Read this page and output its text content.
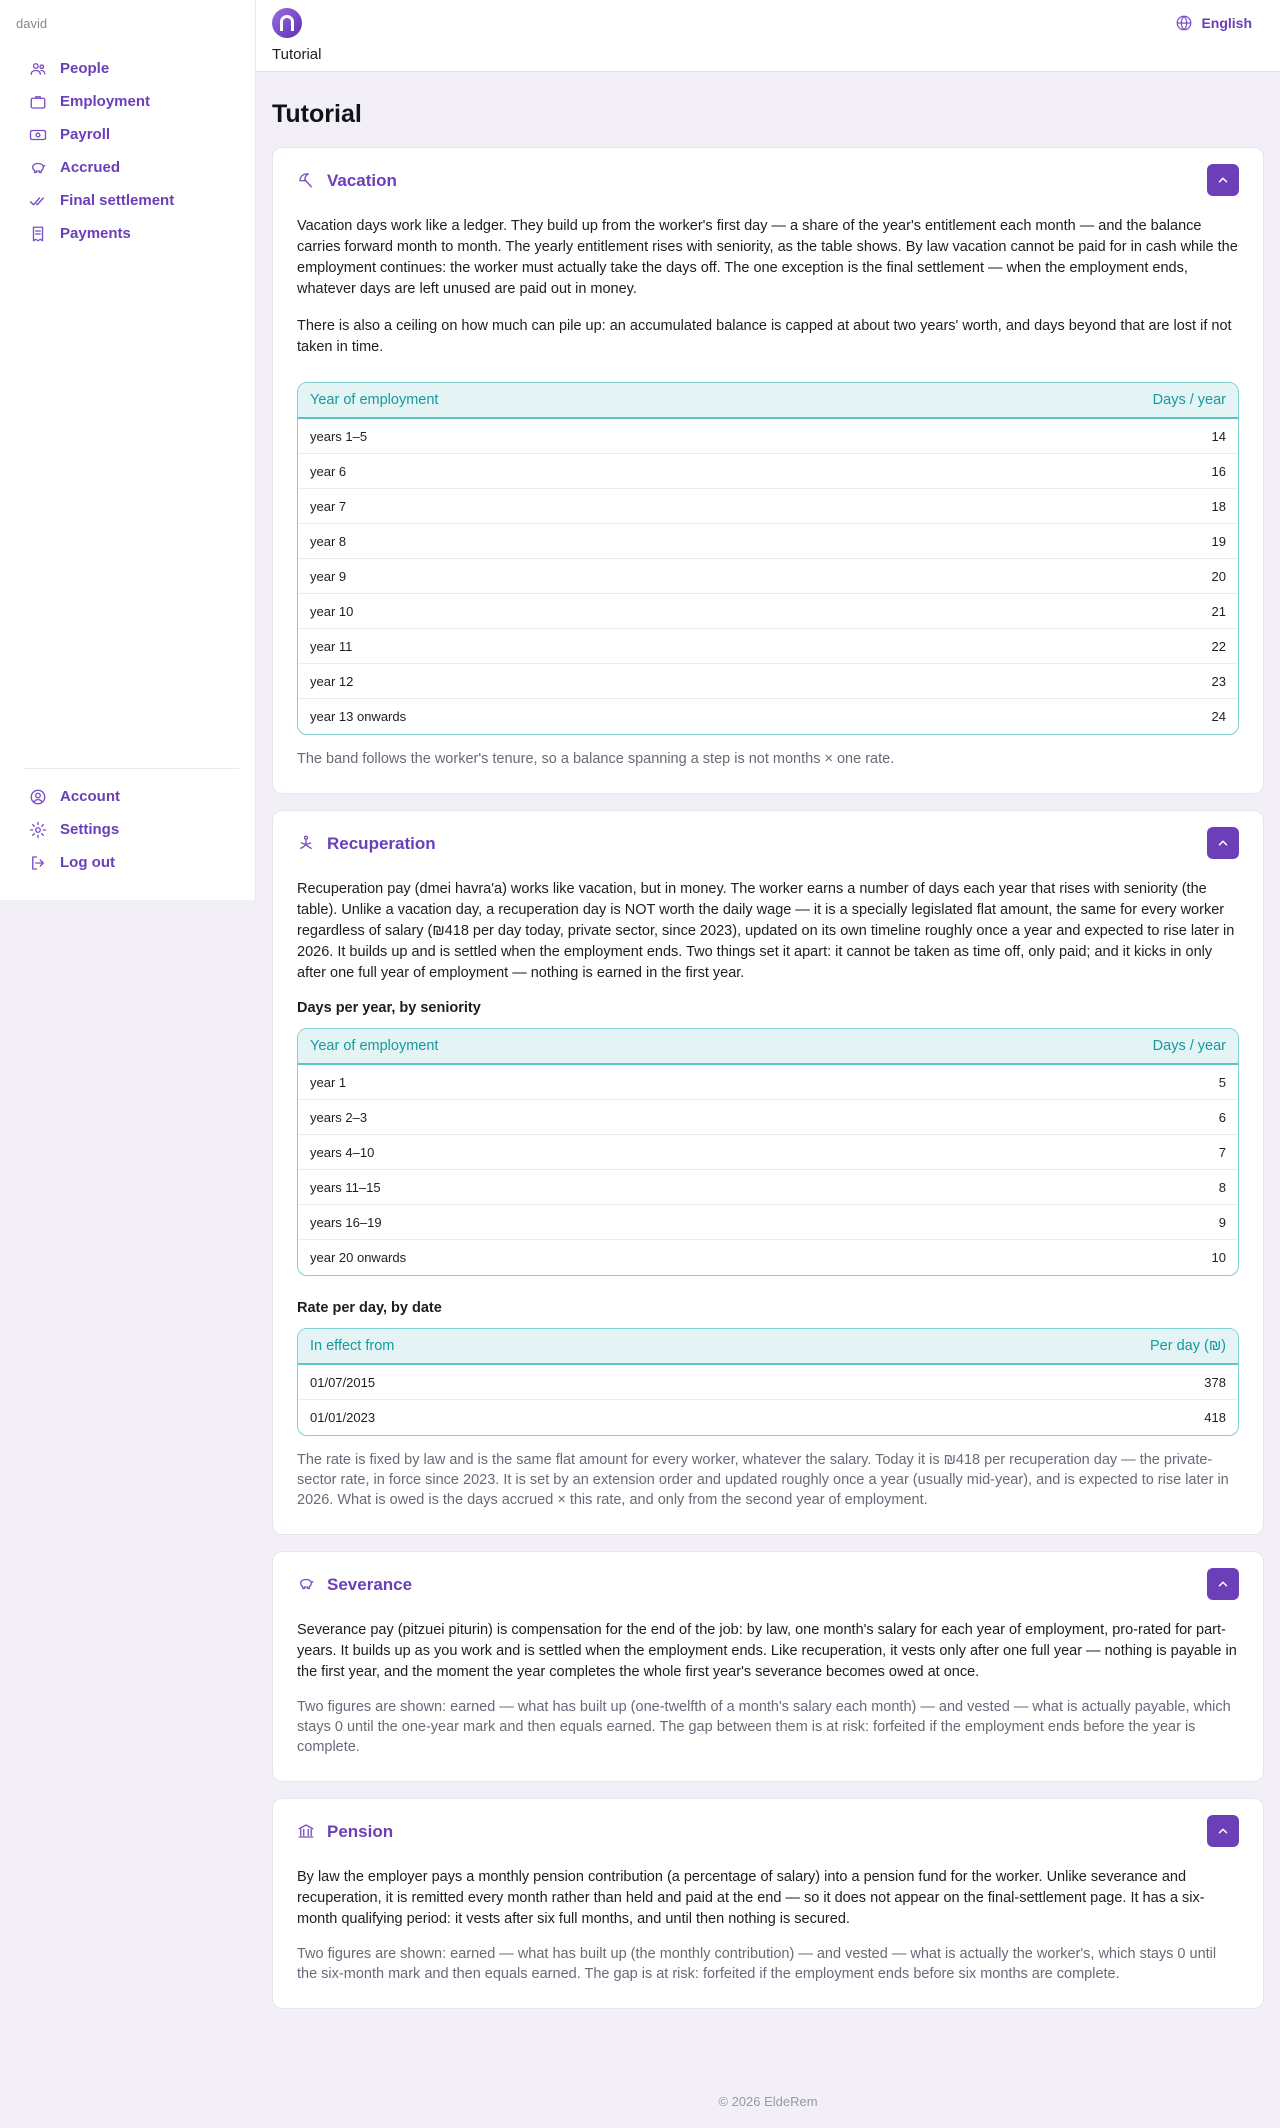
david
People
Employment
Payroll
Accrued
Final settlement
Payments
Account
Settings
Log out
Tutorial
English
Tutorial
Vacation

Vacation days work like a ledger. They build up from the worker's first day — a share of the year's entitlement each month — and the balance carries forward month to month. The yearly entitlement rises with seniority, as the table shows. By law vacation cannot be paid for in cash while the employment continues: the worker must actually take the days off. The one exception is the final settlement — when the employment ends, whatever days are left unused are paid out in money.

There is also a ceiling on how much can pile up: an accumulated balance is capped at about two years' worth, and days beyond that are lost if not taken in time.

Year of employment	Days / year
years 1–5	14
year 6	16
year 7	18
year 8	19
year 9	20
year 10	21
year 11	22
year 12	23
year 13 onwards	24

The band follows the worker's tenure, so a balance spanning a step is not months × one rate.

Recuperation

Recuperation pay (dmei havra'a) works like vacation, but in money. The worker earns a number of days each year that rises with seniority (the table). Unlike a vacation day, a recuperation day is NOT worth the daily wage — it is a specially legislated flat amount, the same for every worker regardless of salary (₪418 per day today, private sector, since 2023), updated on its own timeline roughly once a year and expected to rise later in 2026. It builds up and is settled when the employment ends. Two things set it apart: it cannot be taken as time off, only paid; and it kicks in only after one full year of employment — nothing is earned in the first year.

Days per year, by seniority
Year of employment	Days / year
year 1	5
years 2–3	6
years 4–10	7
years 11–15	8
years 16–19	9
year 20 onwards	10
Rate per day, by date
In effect from	Per day (₪)
01/07/2015	378
01/01/2023	418

The rate is fixed by law and is the same flat amount for every worker, whatever the salary. Today it is ₪418 per recuperation day — the private-sector rate, in force since 2023. It is set by an extension order and updated roughly once a year (usually mid-year), and is expected to rise later in 2026. What is owed is the days accrued × this rate, and only from the second year of employment.

Severance

Severance pay (pitzuei piturin) is compensation for the end of the job: by law, one month's salary for each year of employment, pro-rated for part-years. It builds up as you work and is settled when the employment ends. Like recuperation, it vests only after one full year — nothing is payable in the first year, and the moment the year completes the whole first year's severance becomes owed at once.

Two figures are shown: earned — what has built up (one-twelfth of a month's salary each month) — and vested — what is actually payable, which stays 0 until the one-year mark and then equals earned. The gap between them is at risk: forfeited if the employment ends before the year is complete.

Pension

By law the employer pays a monthly pension contribution (a percentage of salary) into a pension fund for the worker. Unlike severance and recuperation, it is remitted every month rather than held and paid at the end — so it does not appear on the final-settlement page. It has a six-month qualifying period: it vests after six full months, and until then nothing is secured.

Two figures are shown: earned — what has built up (the monthly contribution) — and vested — what is actually the worker's, which stays 0 until the six-month mark and then equals earned. The gap is at risk: forfeited if the employment ends before six months are complete.

© 2026 EldeRem
